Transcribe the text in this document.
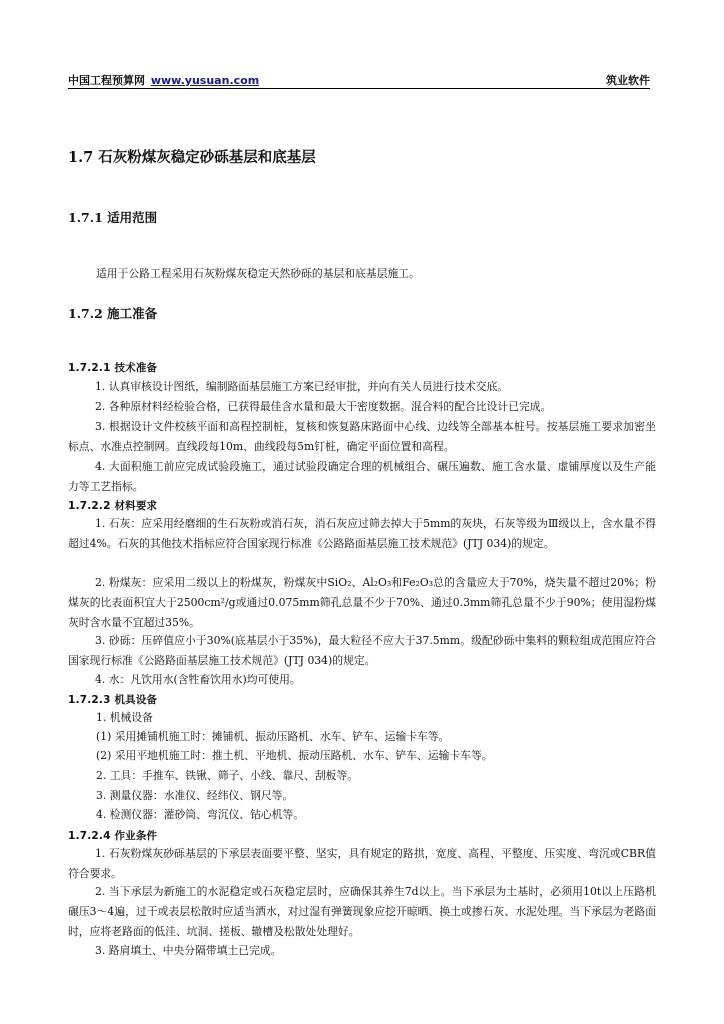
中国工程预算网 www.yusuan.com	筑业软件
1.7 石灰粉煤灰稳定砂砾基层和底基层
1.7.1 适用范围
适用于公路工程采用石灰粉煤灰稳定天然砂砾的基层和底基层施工。
1.7.2 施工准备
1.7.2.1 技术准备

1. 认真审核设计图纸，编制路面基层施工方案已经审批，并向有关人员进行技术交底。

2. 各种原材料经检验合格，已获得最佳含水量和最大干密度数据。混合料的配合比设计已完成。

3. 根据设计文件校核平面和高程控制桩，复核和恢复路床路面中心线、边线等全部基本桩号。按基层施工要求加密坐标点、水准点控制网。直线段每10m、曲线段每5m钉桩，确定平面位置和高程。

4. 大面积施工前应完成试验段施工，通过试验段确定合理的机械组合、碾压遍数、施工含水量、虚铺厚度以及生产能力等工艺指标。

1.7.2.2 材料要求

1. 石灰：应采用经磨细的生石灰粉或消石灰，消石灰应过筛去掉大于5mm的灰块，石灰等级为Ⅲ级以上，含水量不得超过4%。石灰的其他技术指标应符合国家现行标准《公路路面基层施工技术规范》(JTJ 034)的规定。

2. 粉煤灰：应采用二级以上的粉煤灰，粉煤灰中SiO₂、Al₂O₃和Fe₂O₃总的含量应大于70%，烧失量不超过20%；粉煤灰的比表面积宜大于2500cm²/g或通过0.075mm筛孔总量不少于70%、通过0.3mm筛孔总量不少于90%；使用湿粉煤灰时含水量不宜超过35%。

3. 砂砾：压碎值应小于30%(底基层小于35%)，最大粒径不应大于37.5mm。级配砂砾中集料的颗粒组成范围应符合国家现行标准《公路路面基层施工技术规范》(JTJ 034)的规定。

4. 水：凡饮用水(含牲畜饮用水)均可使用。

1.7.2.3 机具设备
1. 机械设备
(1) 采用摊铺机施工时：摊铺机、振动压路机、水车、铲车、运输卡车等。
(2) 采用平地机施工时：推土机、平地机、振动压路机、水车、铲车、运输卡车等。
2. 工具：手推车、铁锹、筛子、小线、靠尺、刮板等。
3. 测量仪器：水准仪、经纬仪、钢尺等。
4. 检测仪器：灌砂筒、弯沉仪、钻心机等。
1.7.2.4 作业条件

1. 石灰粉煤灰砂砾基层的下承层表面要平整、坚实，具有规定的路拱，宽度、高程、平整度、压实度、弯沉或CBR值符合要求。

2. 当下承层为新施工的水泥稳定或石灰稳定层时，应确保其养生7d以上。当下承层为土基时，必须用10t以上压路机碾压3～4遍，过干或表层松散时应适当洒水，对过湿有弹簧现象应挖开晾晒、换土或掺石灰、水泥处理。当下承层为老路面时，应将老路面的低洼、坑洞、搓板、辙槽及松散处处理好。

3. 路肩填土、中央分隔带填土已完成。
